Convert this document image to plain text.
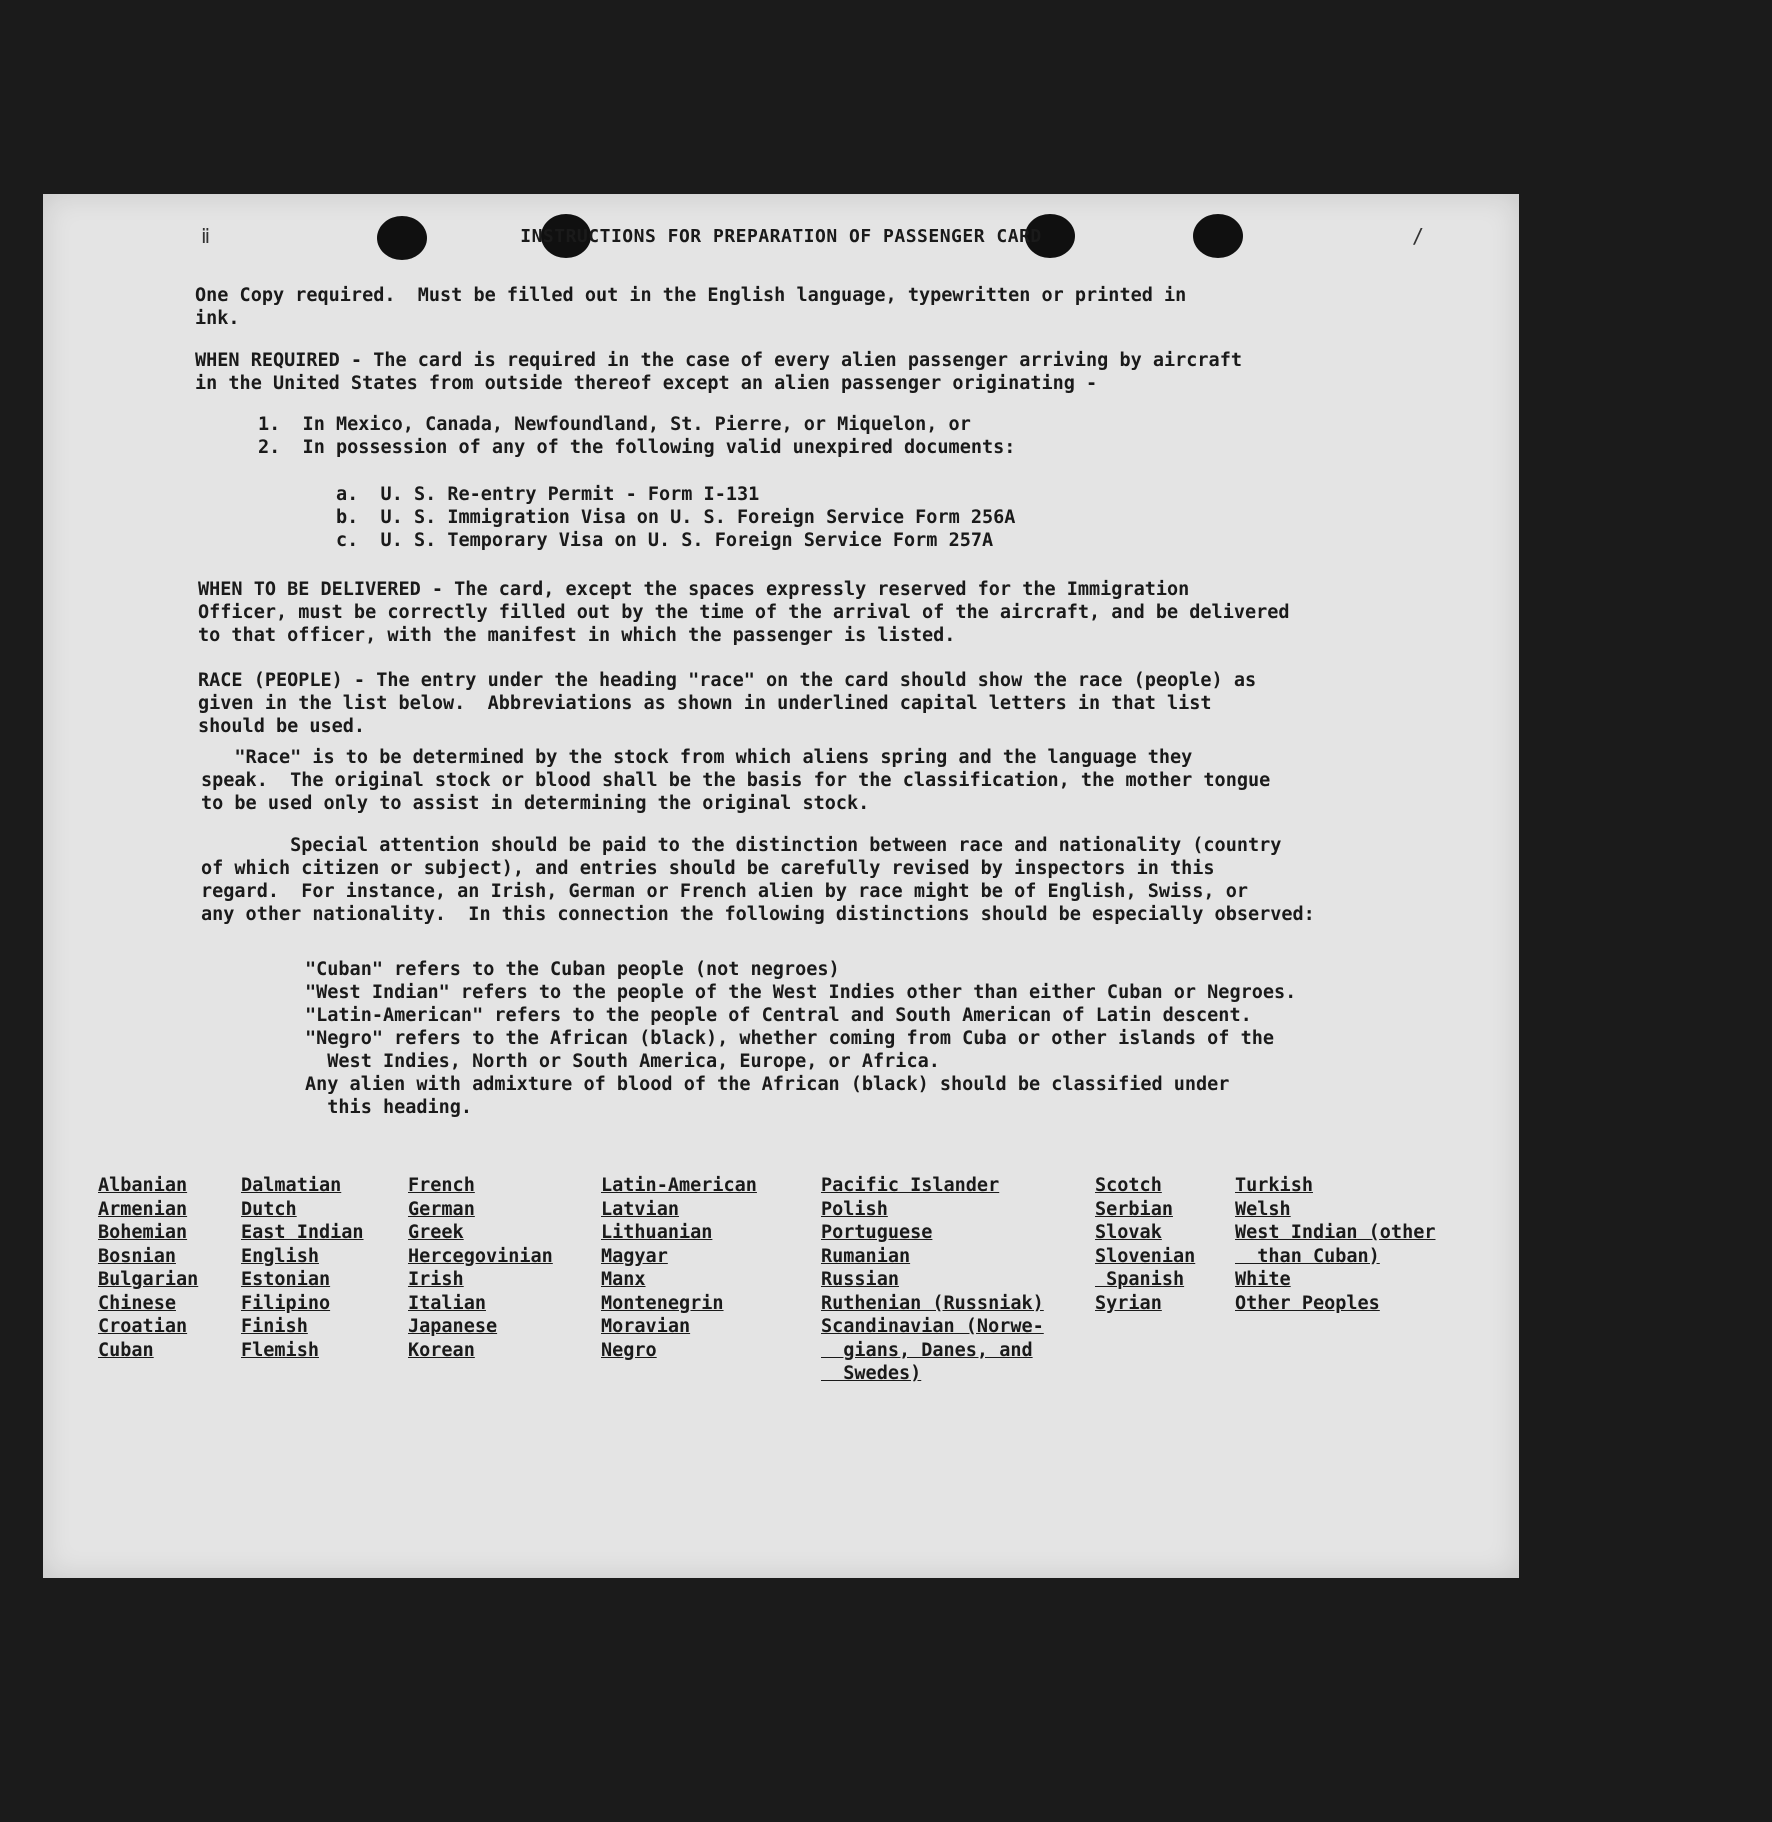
ⅱ	/
INSTRUCTIONS FOR PREPARATION OF PASSENGER CARD
One Copy required.  Must be filled out in the English language, typewritten or printed in
ink.
WHEN REQUIRED - The card is required in the case of every alien passenger arriving by aircraft
in the United States from outside thereof except an alien passenger originating -
1.  In Mexico, Canada, Newfoundland, St. Pierre, or Miquelon, or
2.  In possession of any of the following valid unexpired documents:
a.  U. S. Re-entry Permit - Form I-131
b.  U. S. Immigration Visa on U. S. Foreign Service Form 256A
c.  U. S. Temporary Visa on U. S. Foreign Service Form 257A
WHEN TO BE DELIVERED - The card, except the spaces expressly reserved for the Immigration
Officer, must be correctly filled out by the time of the arrival of the aircraft, and be delivered
to that officer, with the manifest in which the passenger is listed.
RACE (PEOPLE) - The entry under the heading "race" on the card should show the race (people) as
given in the list below.  Abbreviations as shown in underlined capital letters in that list
should be used.
"Race" is to be determined by the stock from which aliens spring and the language they
speak.  The original stock or blood shall be the basis for the classification, the mother tongue
to be used only to assist in determining the original stock.
Special attention should be paid to the distinction between race and nationality (country
of which citizen or subject), and entries should be carefully revised by inspectors in this
regard.  For instance, an Irish, German or French alien by race might be of English, Swiss, or
any other nationality.  In this connection the following distinctions should be especially observed:
"Cuban" refers to the Cuban people (not negroes)
"West Indian" refers to the people of the West Indies other than either Cuban or Negroes.
"Latin-American" refers to the people of Central and South American of Latin descent.
"Negro" refers to the African (black), whether coming from Cuba or other islands of the
West Indies, North or South America, Europe, or Africa.
Any alien with admixture of blood of the African (black) should be classified under
this heading.
Albanian
Armenian
Bohemian
Bosnian
Bulgarian
Chinese
Croatian
Cuban
Dalmatian
Dutch
East Indian
English
Estonian
Filipino
Finish
Flemish
French
German
Greek
Hercegovinian
Irish
Italian
Japanese
Korean
Latin-American
Latvian
Lithuanian
Magyar
Manx
Montenegrin
Moravian
Negro
Pacific Islander
Polish
Portuguese
Rumanian
Russian
Ruthenian (Russniak)
Scandinavian (Norwe-
gians, Danes, and
Swedes)
Scotch
Serbian
Slovak
Slovenian
Spanish
Syrian
Turkish
Welsh
West Indian (other
than Cuban)
White
Other Peoples
